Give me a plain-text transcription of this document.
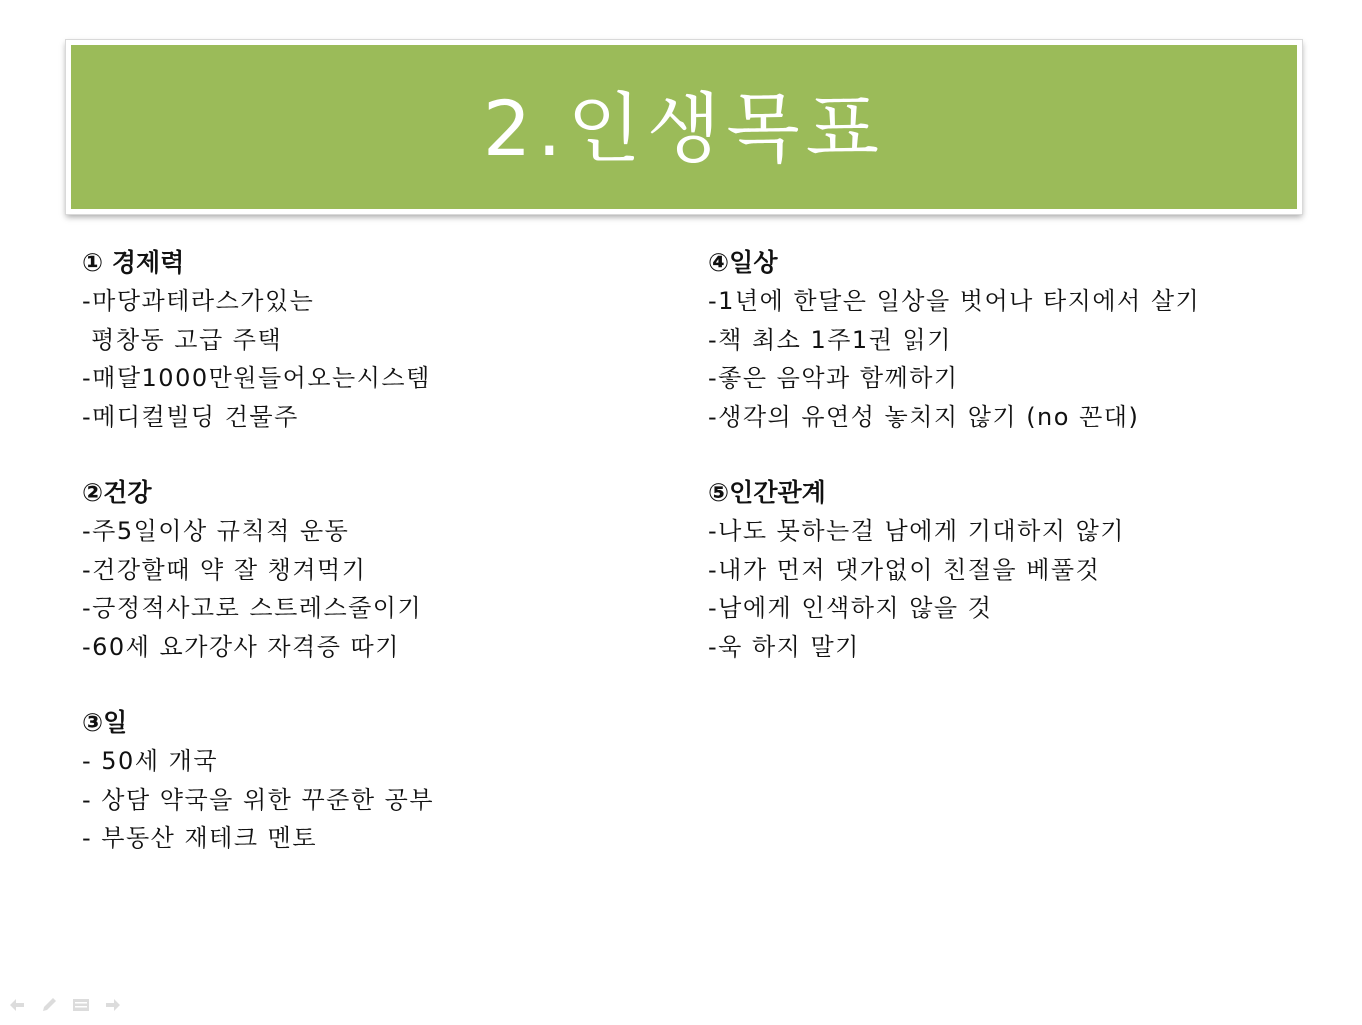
2.인생목표
① 경제력
-마당과테라스가있는
평창동 고급 주택
-매달1000만원들어오는시스템
-메디컬빌딩 건물주
②건강
-주5일이상 규칙적 운동
-건강할때 약 잘 챙겨먹기
-긍정적사고로 스트레스줄이기
-60세 요가강사 자격증 따기
③일
- 50세 개국
- 상담 약국을 위한 꾸준한 공부
- 부동산 재테크 멘토
④일상
-1년에 한달은 일상을 벗어나 타지에서 살기
-책 최소 1주1권 읽기
-좋은 음악과 함께하기
-생각의 유연성 놓치지 않기 (no 꼰대)
⑤인간관계
-나도 못하는걸 남에게 기대하지 않기
-내가 먼저 댓가없이 친절을 베풀것
-남에게 인색하지 않을 것
-욱 하지 말기
